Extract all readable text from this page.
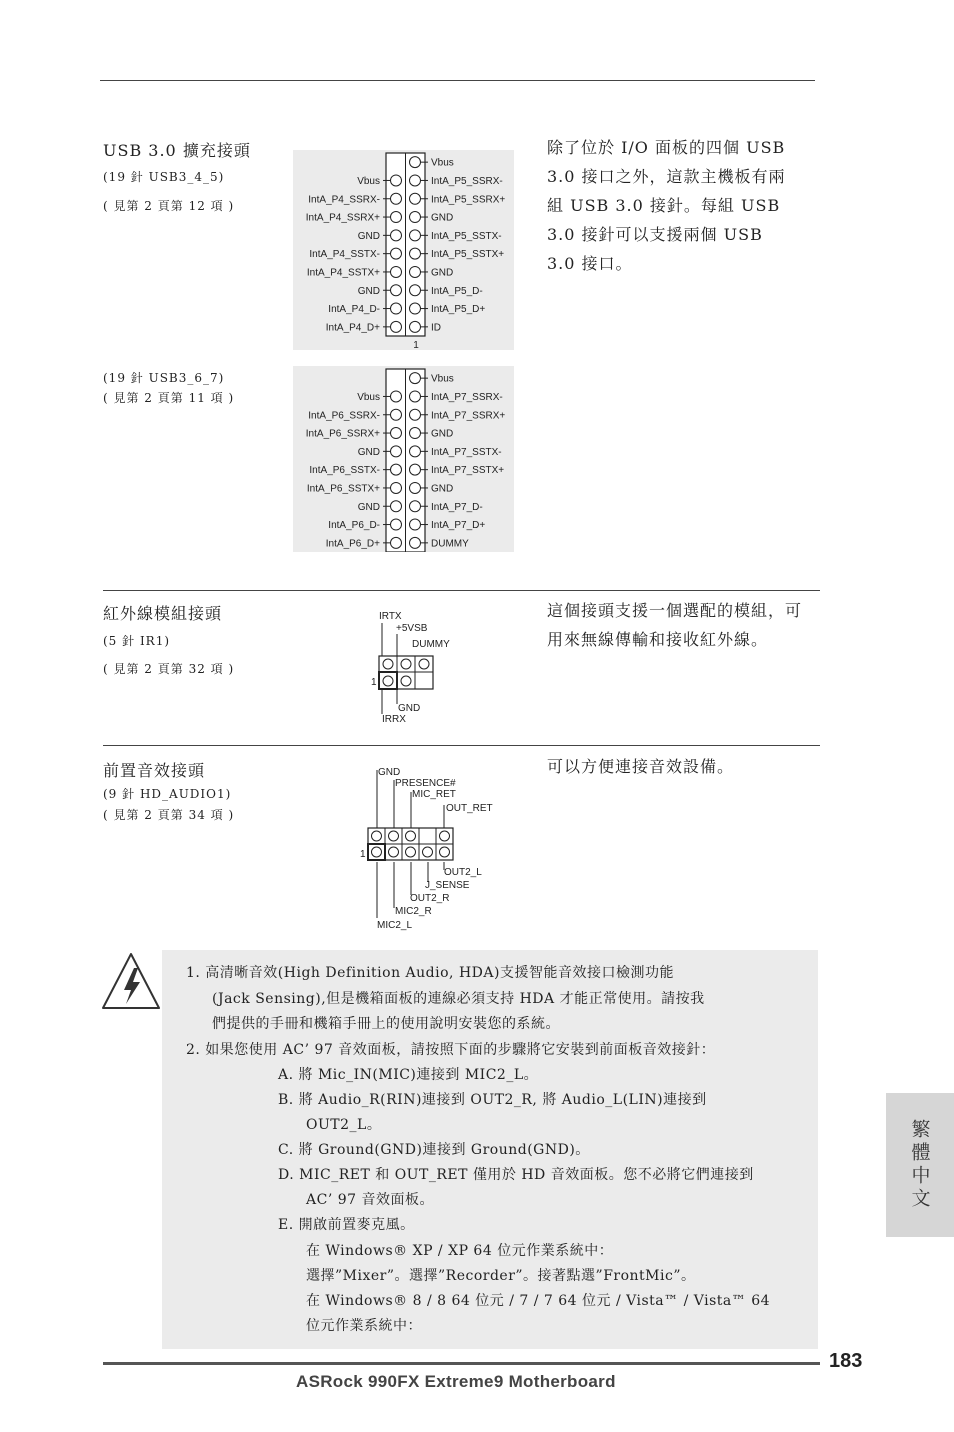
USB 3.0 擴充接頭
(19 針 USB3_4_5)
( 見第 2 頁第 12 項 )
(19 針 USB3_6_7)
( 見第 2 頁第 11 項 )
除了位於 I/O 面板的四個 USB 3.0 接口之外，這款主機板有兩組 USB 3.0 接針。每組 USB 3.0 接針可以支援兩個 USB 3.0 接口。
Vbus
Vbus	IntA_P5_SSRX-
IntA_P4_SSRX-	IntA_P5_SSRX+
IntA_P4_SSRX+	GND
GND	IntA_P5_SSTX-
IntA_P4_SSTX-	IntA_P5_SSTX+
IntA_P4_SSTX+	GND
GND	IntA_P5_D-
IntA_P4_D-	IntA_P5_D+
IntA_P4_D+	ID
1
Vbus
Vbus	IntA_P7_SSRX-
IntA_P6_SSRX-	IntA_P7_SSRX+
IntA_P6_SSRX+	GND
GND	IntA_P7_SSTX-
IntA_P6_SSTX-	IntA_P7_SSTX+
IntA_P6_SSTX+	GND
GND	IntA_P7_D-
IntA_P6_D-	IntA_P7_D+
IntA_P6_D+	DUMMY
紅外線模組接頭
(5 針 IR1)
( 見第 2 頁第 32 項 )
這個接頭支援一個選配的模組，可用來無線傳輸和接收紅外線。
IRTX
+5VSB
DUMMY
GND
IRRX
1
前置音效接頭
(9 針 HD_AUDIO1)
( 見第 2 頁第 34 項 )
可以方便連接音效設備。
GND
PRESENCE#
MIC_RET
OUT_RET
OUT2_L
J_SENSE
OUT2_R
MIC2_R
MIC2_L
1
1. 高清晰音效(High Definition Audio, HDA)支援智能音效接口檢測功能
(Jack Sensing),但是機箱面板的連線必須支持 HDA 才能正常使用。請按我
們提供的手冊和機箱手冊上的使用說明安裝您的系統。
2. 如果您使用 AC’ 97 音效面板，請按照下面的步驟將它安裝到前面板音效接針：
A. 將 Mic_IN(MIC)連接到 MIC2_L。
B. 將 Audio_R(RIN)連接到 OUT2_R, 將 Audio_L(LIN)連接到
OUT2_L。
C. 將 Ground(GND)連接到 Ground(GND)。
D. MIC_RET 和 OUT_RET 僅用於 HD 音效面板。您不必將它們連接到
AC’ 97 音效面板。
E. 開啟前置麥克風。
在 Windows® XP / XP 64 位元作業系統中：
選擇”Mixer”。選擇”Recorder”。接著點選”FrontMic”。
在 Windows® 8 / 8 64 位元 / 7 / 7 64 位元 / Vista™ / Vista™ 64
位元作業系統中：
繁體中文
183
ASRock 990FX Extreme9 Motherboard
